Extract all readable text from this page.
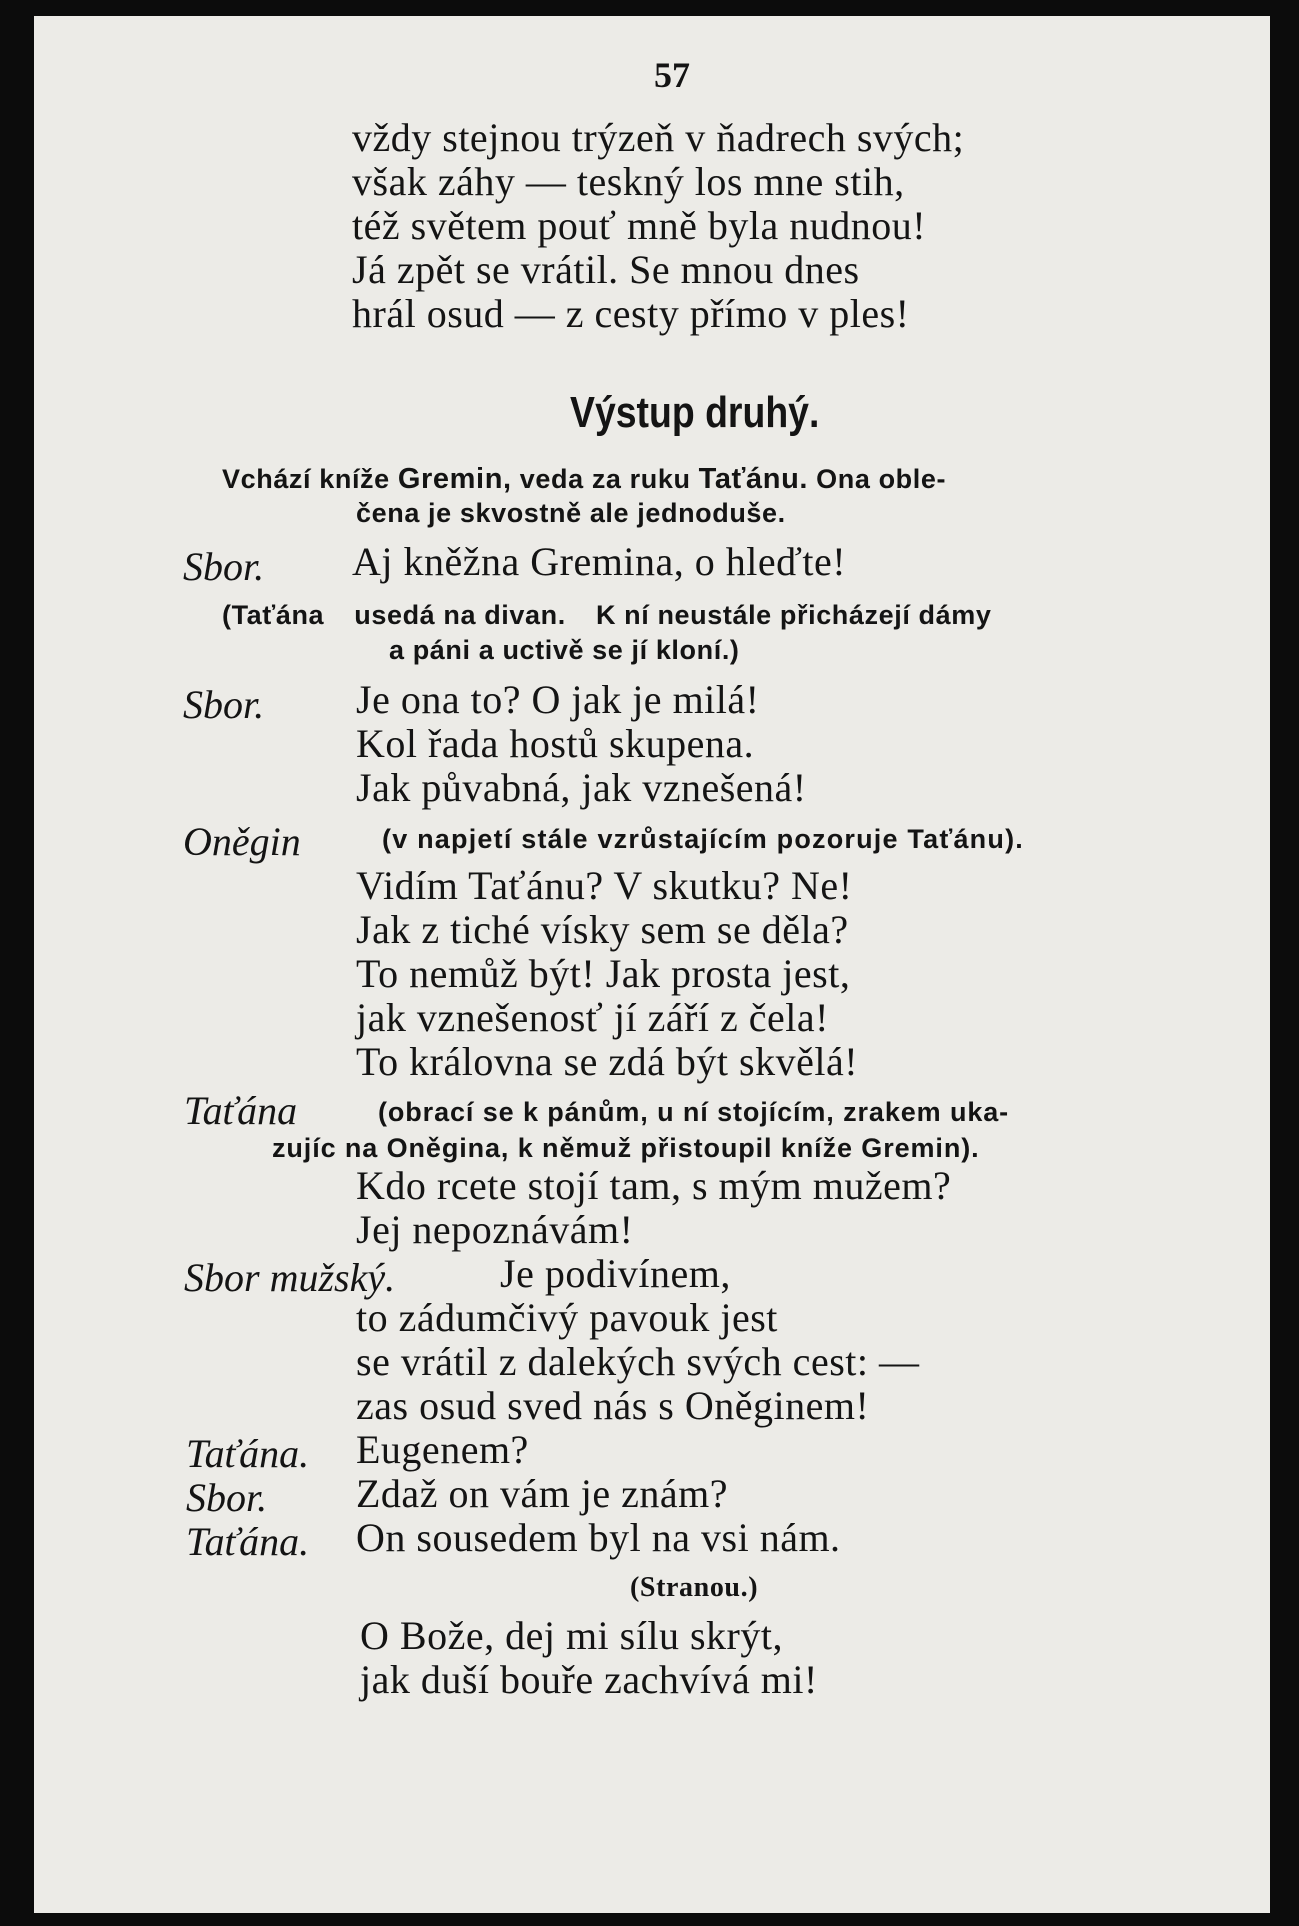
57
vždy stejnou trýzeň v ňadrech svých;
však záhy — teskný los mne stih,
též světem pouť mně byla nudnou!
Já zpět se vrátil. Se mnou dnes
hrál osud — z cesty přímo v ples!
Výstup druhý.
Vchází kníže Gremin, veda za ruku Taťánu. Ona oble-
čena je skvostně ale jednoduše.
Sbor. Aj kněžna Gremina, o hleďte!
(Taťána usedá na divan. K ní neustále přicházejí dámy
a páni a uctivě se jí kloní.)
Sbor. Je ona to? O jak je milá!
Kol řada hostů skupena.
Jak půvabná, jak vznešená!
Oněgin	(v napjetí stále vzrůstajícím pozoruje Taťánu).
Vidím Taťánu? V skutku? Ne!
Jak z tiché vísky sem se děla?
To nemůž být! Jak prosta jest,
jak vznešenosť jí září z čela!
To královna se zdá být skvělá!
Taťána	(obrací se k pánům, u ní stojícím, zrakem uka-
zujíc na Oněgina, k němuž přistoupil kníže Gremin).
Kdo rcete stojí tam, s mým mužem?
Jej nepoznávám!
Sbor mužský.	Je podivínem,
to zádumčivý pavouk jest
se vrátil z dalekých svých cest: —
zas osud sved nás s Oněginem!
Taťána. Eugenem?
Sbor. Zdaž on vám je znám?
Taťána. On sousedem byl na vsi nám.
(Stranou.)
O Bože, dej mi sílu skrýt,
jak duší bouře zachvívá mi!
